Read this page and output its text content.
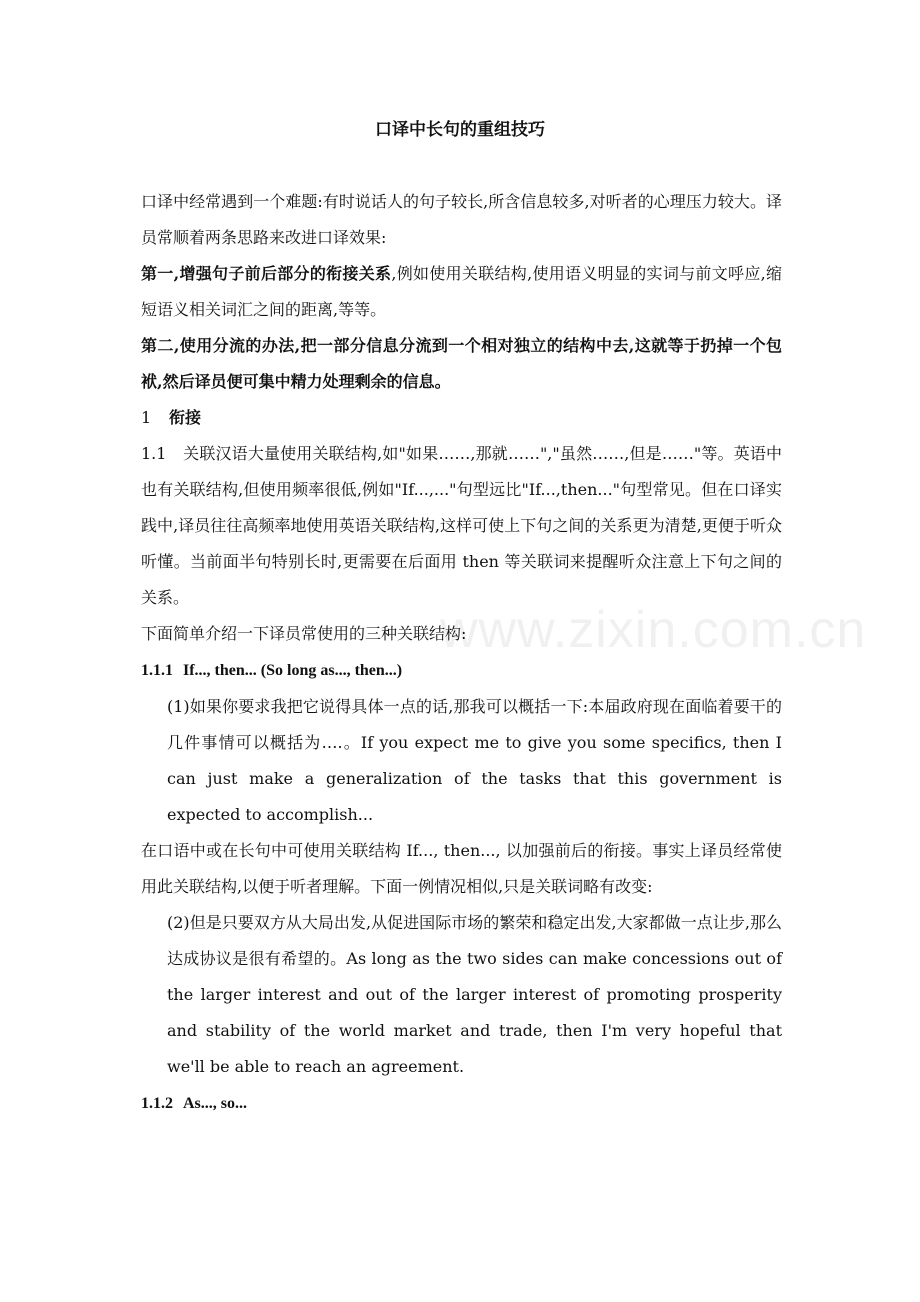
口译中长句的重组技巧

口译中经常遇到一个难题:有时说话人的句子较长,所含信息较多,对听者的心理压力较大。译员常顺着两条思路来改进口译效果:

第一,增强句子前后部分的衔接关系,例如使用关联结构,使用语义明显的实词与前文呼应,缩短语义相关词汇之间的距离,等等。

第二,使用分流的办法,把一部分信息分流到一个相对独立的结构中去,这就等于扔掉一个包袱,然后译员便可集中精力处理剩余的信息。

1 衔接

1.1 关联汉语大量使用关联结构,如"如果……,那就……","虽然……,但是……"等。英语中也有关联结构,但使用频率很低,例如"If...,..."句型远比"If...,then..."句型常见。但在口译实践中,译员往往高频率地使用英语关联结构,这样可使上下句之间的关系更为清楚,更便于听众听懂。当前面半句特别长时,更需要在后面用 then 等关联词来提醒听众注意上下句之间的关系。

下面简单介绍一下译员常使用的三种关联结构:

1.1.1 If..., then... (So long as..., then...)

(1)如果你要求我把它说得具体一点的话,那我可以概括一下:本届政府现在面临着要干的几件事情可以概括为….。If you expect me to give you some specifics, then I can just make a generalization of the tasks that this government is expected to accomplish...

在口语中或在长句中可使用关联结构 If..., then..., 以加强前后的衔接。事实上译员经常使用此关联结构,以便于听者理解。下面一例情况相似,只是关联词略有改变:

(2)但是只要双方从大局出发,从促进国际市场的繁荣和稳定出发,大家都做一点让步,那么达成协议是很有希望的。As long as the two sides can make concessions out of the larger interest and out of the larger interest of promoting prosperity and stability of the world market and trade, then I'm very hopeful that we'll be able to reach an agreement.

1.1.2 As..., so...

www.zixin.com.cn
